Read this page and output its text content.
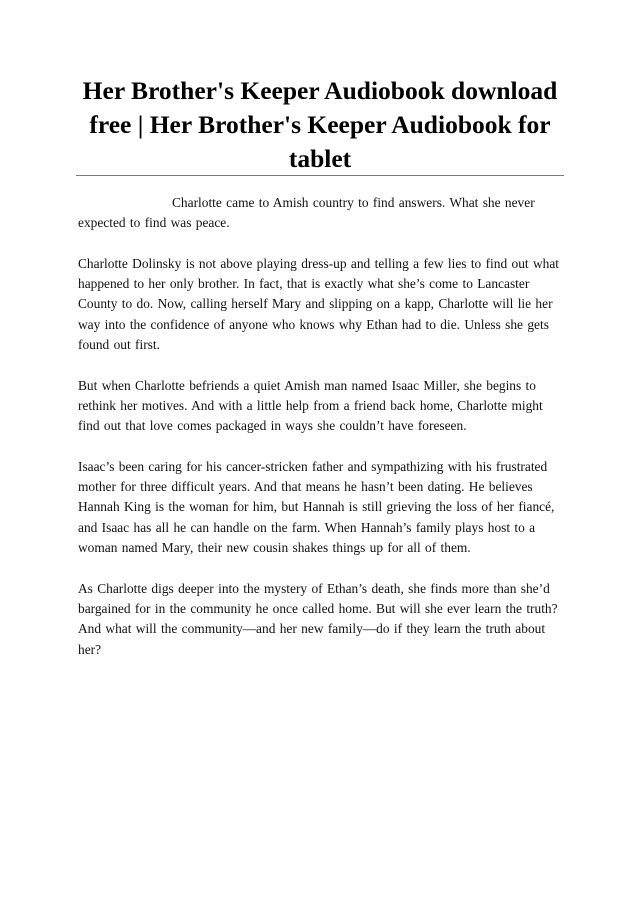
Her Brother's Keeper Audiobook download free | Her Brother's Keeper Audiobook for tablet

Charlotte came to Amish country to find answers. What she never expected to find was peace.

Charlotte Dolinsky is not above playing dress-up and telling a few lies to find out what happened to her only brother. In fact, that is exactly what she’s come to Lancaster County to do. Now, calling herself Mary and slipping on a kapp, Charlotte will lie her way into the confidence of anyone who knows why Ethan had to die. Unless she gets found out first.

But when Charlotte befriends a quiet Amish man named Isaac Miller, she begins to rethink her motives. And with a little help from a friend back home, Charlotte might find out that love comes packaged in ways she couldn’t have foreseen.

Isaac’s been caring for his cancer-stricken father and sympathizing with his frustrated mother for three difficult years. And that means he hasn’t been dating. He believes Hannah King is the woman for him, but Hannah is still grieving the loss of her fiancé, and Isaac has all he can handle on the farm. When Hannah’s family plays host to a woman named Mary, their new cousin shakes things up for all of them.

As Charlotte digs deeper into the mystery of Ethan’s death, she finds more than she’d bargained for in the community he once called home. But will she ever learn the truth? And what will the community—and her new family—do if they learn the truth about her?
